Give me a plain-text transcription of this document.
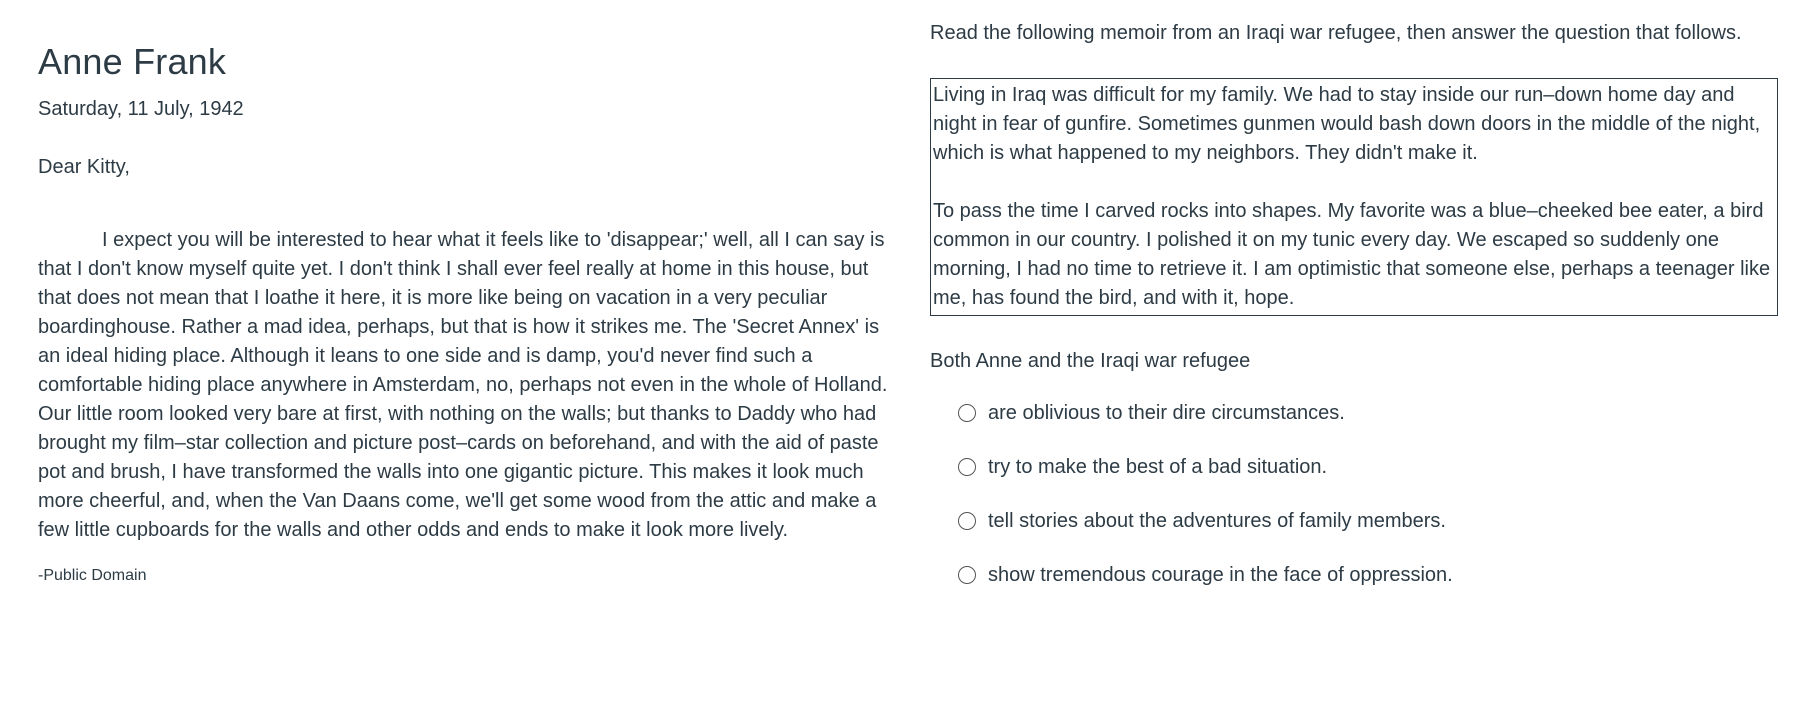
Anne Frank
Saturday, 11 July, 1942
Dear Kitty,
I expect you will be interested to hear what it feels like to 'disappear;' well, all I can say is that I don't know myself quite yet. I don't think I shall ever feel really at home in this house, but that does not mean that I loathe it here, it is more like being on vacation in a very peculiar boardinghouse. Rather a mad idea, perhaps, but that is how it strikes me. The 'Secret Annex' is an ideal hiding place. Although it leans to one side and is damp, you'd never find such a comfortable hiding place anywhere in Amsterdam, no, perhaps not even in the whole of Holland. Our little room looked very bare at first, with nothing on the walls; but thanks to Daddy who had brought my film–star collection and picture post–cards on beforehand, and with the aid of paste pot and brush, I have transformed the walls into one gigantic picture. This makes it look much more cheerful, and, when the Van Daans come, we'll get some wood from the attic and make a few little cupboards for the walls and other odds and ends to make it look more lively.
-Public Domain

Read the following memoir from an Iraqi war refugee, then answer the question that follows.

Living in Iraq was difficult for my family. We had to stay inside our run–down home day and night in fear of gunfire. Sometimes gunmen would bash down doors in the middle of the night, which is what happened to my neighbors. They didn't make it.

To pass the time I carved rocks into shapes. My favorite was a blue–cheeked bee eater, a bird common in our country. I polished it on my tunic every day. We escaped so suddenly one morning, I had no time to retrieve it. I am optimistic that someone else, perhaps a teenager like me, has found the bird, and with it, hope.

Both Anne and the Iraqi war refugee
are oblivious to their dire circumstances.
try to make the best of a bad situation.
tell stories about the adventures of family members.
show tremendous courage in the face of oppression.
